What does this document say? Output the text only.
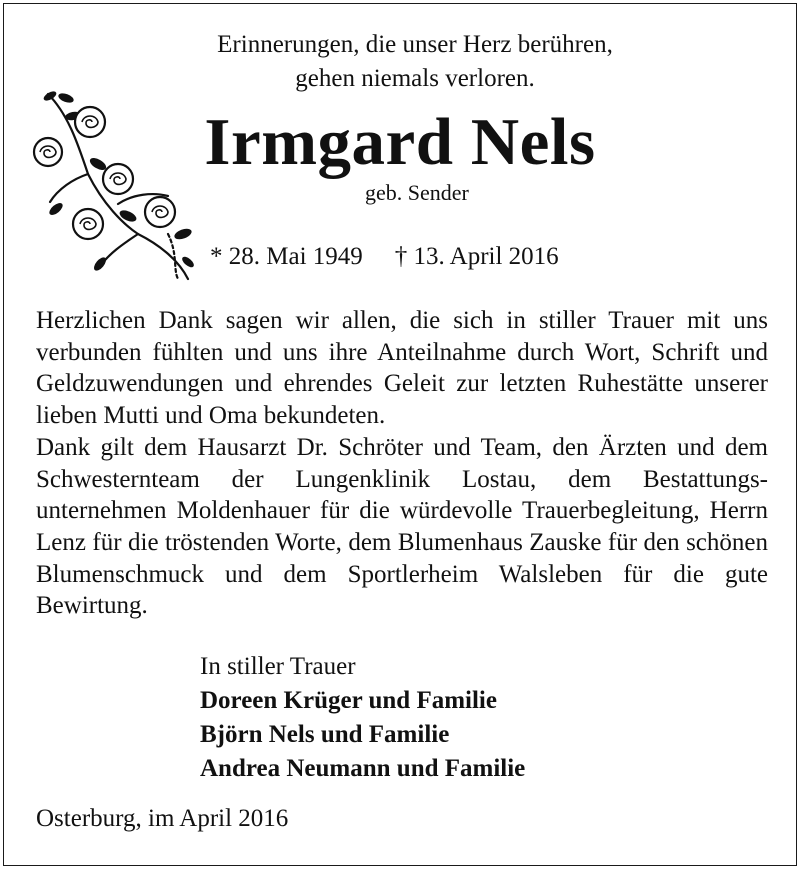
Erinnerungen, die unser Herz berühren,
gehen niemals verloren.
Irmgard Nels
geb. Sender
* 28. Mai 1949 † 13. April 2016

Herzlichen Dank sagen wir allen, die sich in stiller Trauer mit uns verbunden fühlten und uns ihre Anteilnahme durch Wort, Schrift und Geldzuwendungen und ehrendes Geleit zur letzten Ruhestätte unserer lieben Mutti und Oma bekundeten.

Dank gilt dem Hausarzt Dr. Schröter und Team, den Ärzten und dem Schwesternteam der Lungenklinik Lostau, dem Bestattungs-unternehmen Moldenhauer für die würdevolle Trauerbegleitung, Herrn Lenz für die tröstenden Worte, dem Blumenhaus Zauske für den schönen Blumenschmuck und dem Sportlerheim Walsleben für die gute Bewirtung.

In stiller Trauer
Doreen Krüger und Familie
Björn Nels und Familie
Andrea Neumann und Familie
Osterburg, im April 2016
